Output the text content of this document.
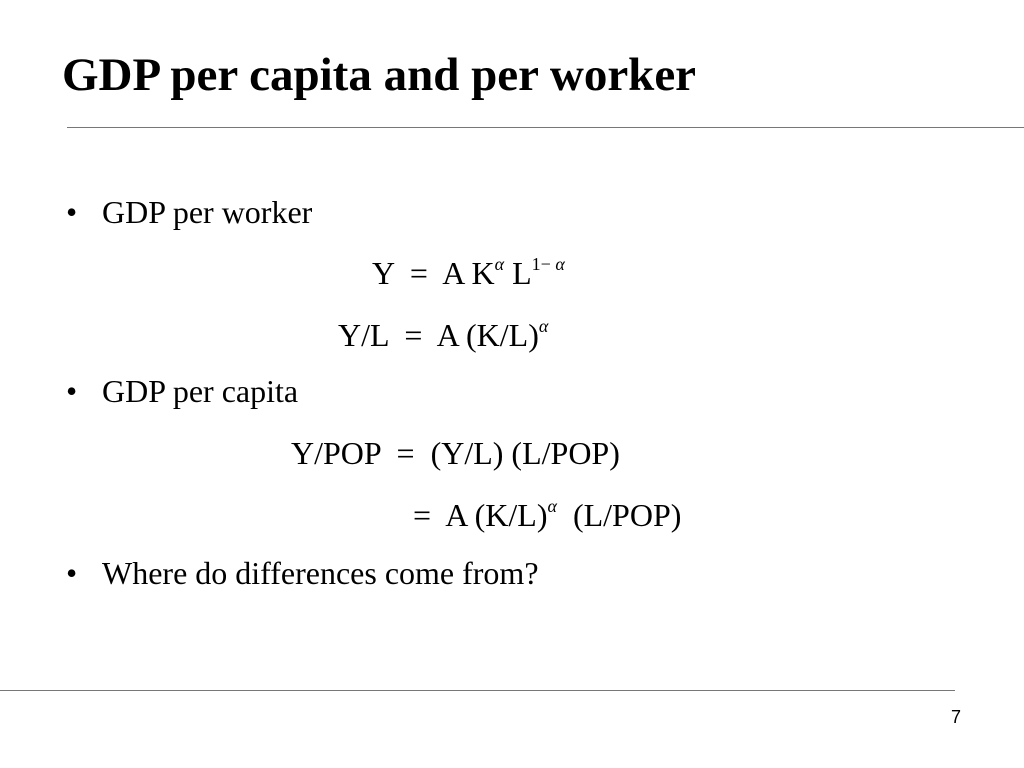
GDP per capita and per worker
• GDP per worker
Y  =  A $K^\alpha$ $L^{1-}$ $^\alpha$
Y/L  =  A $(K/L)^\alpha$
• GDP per capita
Y/POP  =  (Y/L) (L/POP)
=  A $(K/L)^\alpha$  (L/POP)
• Where do differences come from?
7
